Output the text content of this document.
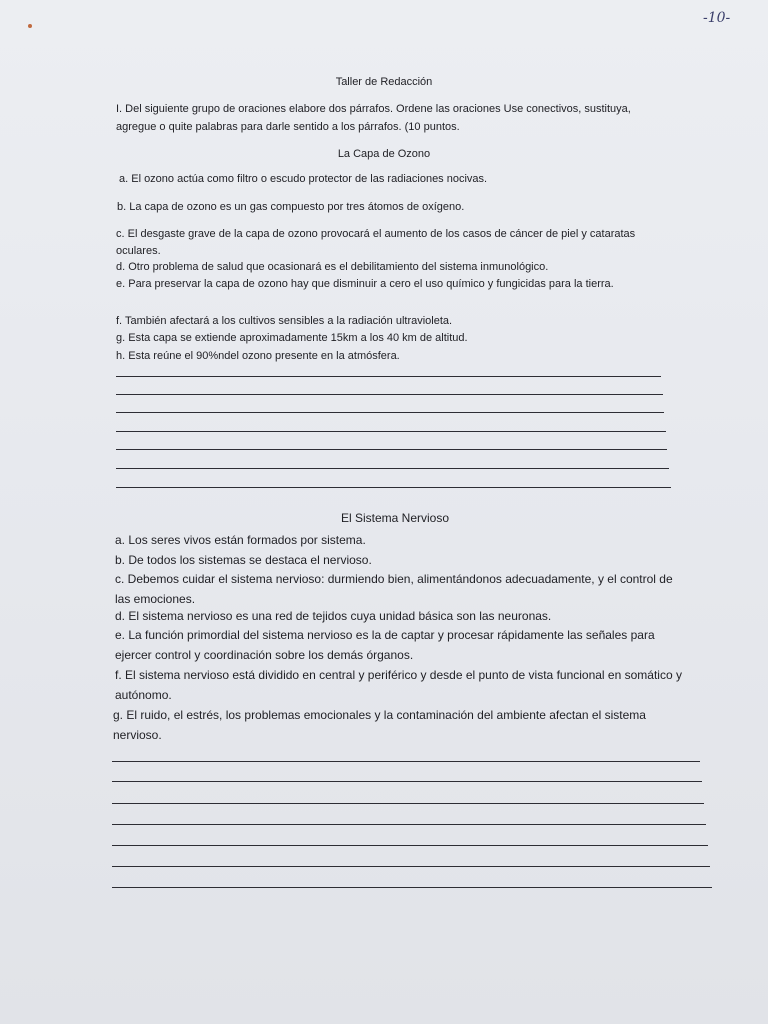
-10-
Taller de Redacción
I. Del siguiente grupo de oraciones elabore dos párrafos. Ordene las oraciones Use conectivos, sustituya, agregue o quite palabras para darle sentido a los párrafos. (10 puntos.
La Capa de Ozono
a. El ozono actúa como filtro o escudo protector de las radiaciones nocivas.
b. La capa de ozono es un gas compuesto por tres átomos de oxígeno.
c. El desgaste grave de la capa de ozono provocará el aumento de los casos de cáncer de piel y cataratas oculares.
d. Otro problema de salud que ocasionará es el debilitamiento del sistema inmunológico.
e. Para preservar la capa de ozono hay que disminuir a cero el uso químico y fungicidas para la tierra.
f. También afectará a los cultivos sensibles a la radiación ultravioleta.
g. Esta capa se extiende aproximadamente 15km a los 40 km de altitud.
h. Esta reúne el 90%ndel ozono presente en la atmósfera.
El Sistema Nervioso
a. Los seres vivos están formados por sistema.
b. De todos los sistemas se destaca el nervioso.
c. Debemos cuidar el sistema nervioso: durmiendo bien, alimentándonos adecuadamente, y el control de las emociones.
d. El sistema nervioso es una red de tejidos cuya unidad básica son las neuronas.
e. La función primordial del sistema nervioso es la de captar y procesar rápidamente las señales para ejercer control y coordinación sobre los demás órganos.
f. El sistema nervioso está dividido en central y periférico y desde el punto de vista funcional en somático y autónomo.
g. El ruido, el estrés, los problemas emocionales y la contaminación del ambiente afectan el sistema nervioso.
